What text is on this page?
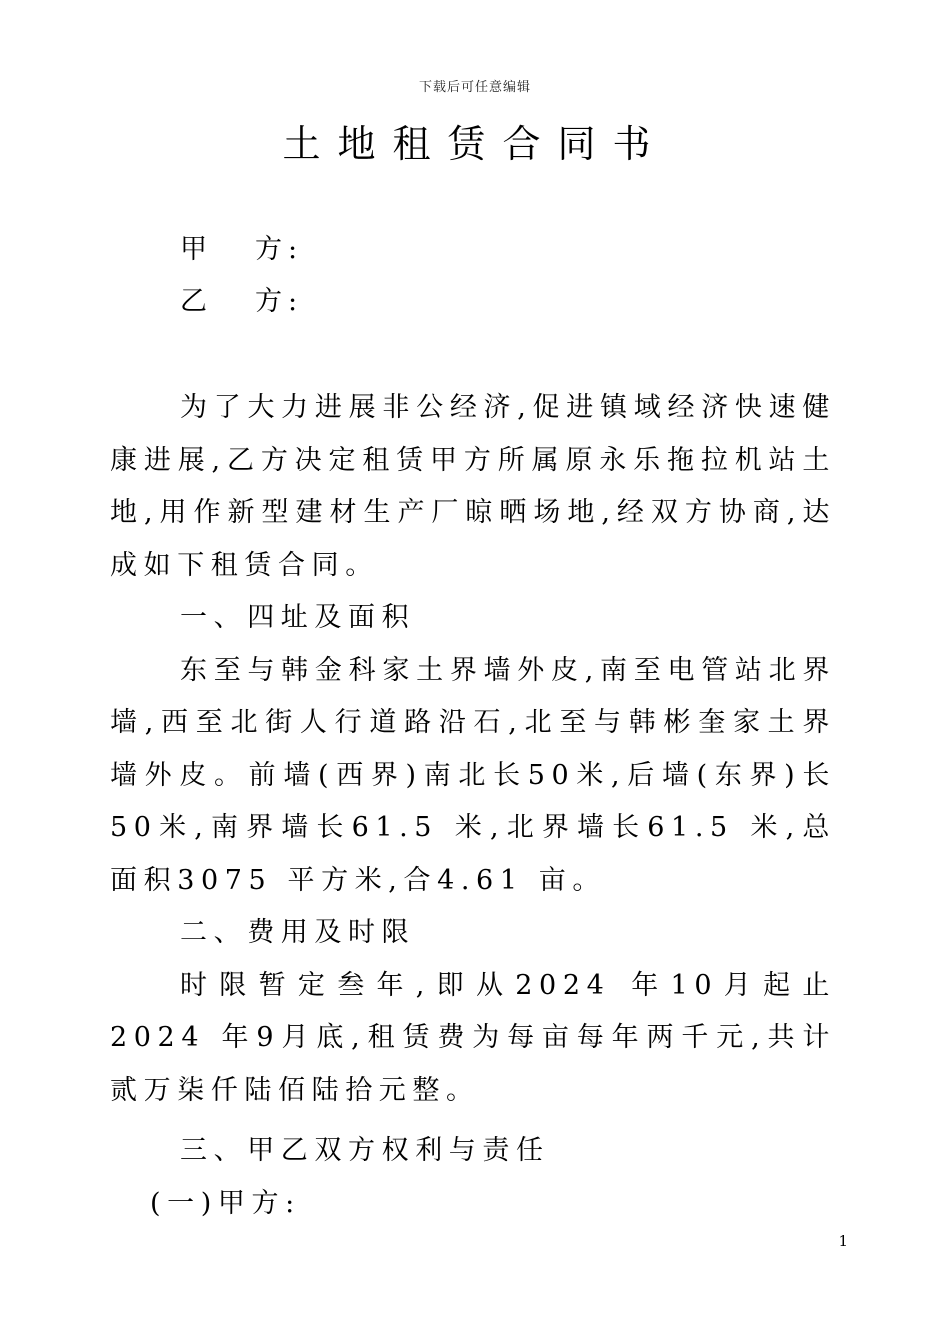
下载后可任意编辑
土地租赁合同书
甲 方:
乙 方:

为了大力进展非公经济,促进镇域经济快速健康进展,乙方决定租赁甲方所属原永乐拖拉机站土地,用作新型建材生产厂晾晒场地,经双方协商,达成如下租赁合同。

一、四址及面积

东至与韩金科家土界墙外皮,南至电管站北界墙,西至北街人行道路沿石,北至与韩彬奎家土界墙外皮。前墙(西界)南北长50米,后墙(东界)长50米,南界墙长61.5 米,北界墙长61.5 米,总面积3075 平方米,合4.61 亩。

二、费用及时限

时限暂定叁年,即从2024 年10月起止2024 年9月底,租赁费为每亩每年两千元,共计贰万柒仟陆佰陆拾元整。

三、甲乙双方权利与责任

(一)甲方:

1
